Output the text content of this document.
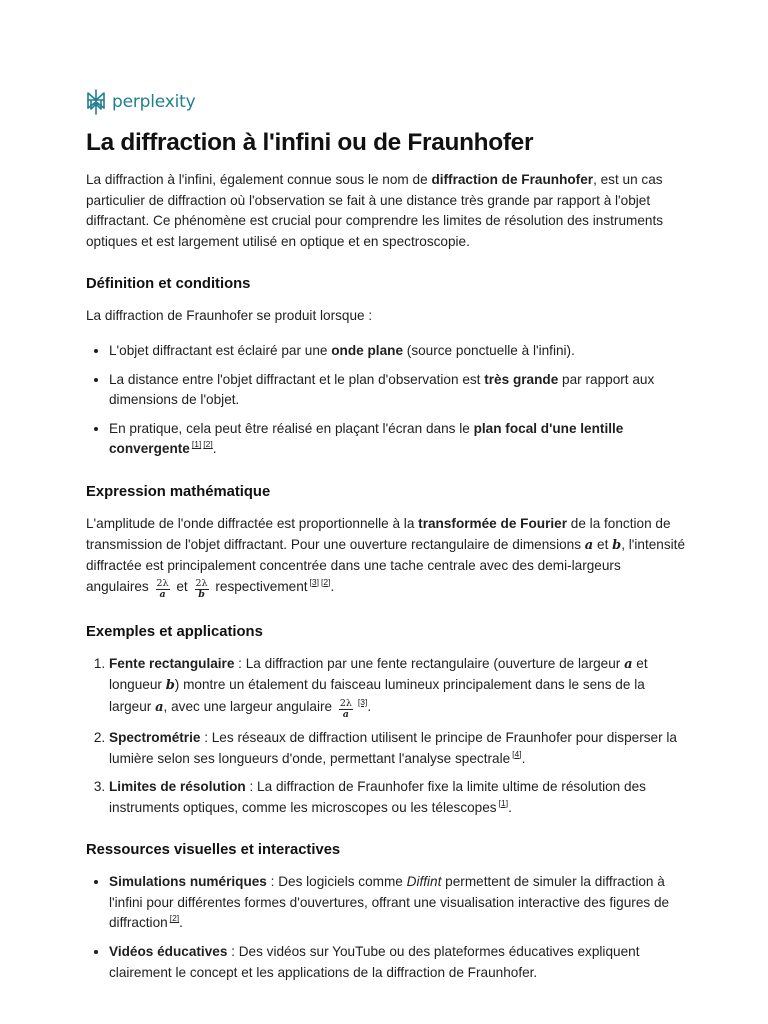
perplexity
La diffraction à l'infini ou de Fraunhofer

La diffraction à l'infini, également connue sous le nom de diffraction de Fraunhofer, est un cas particulier de diffraction où l'observation se fait à une distance très grande par rapport à l'objet diffractant. Ce phénomène est crucial pour comprendre les limites de résolution des instruments optiques et est largement utilisé en optique et en spectroscopie.

Définition et conditions

La diffraction de Fraunhofer se produit lorsque :

• L'objet diffractant est éclairé par une onde plane (source ponctuelle à l'infini).
• La distance entre l'objet diffractant et le plan d'observation est très grande par rapport aux dimensions de l'objet.
• En pratique, cela peut être réalisé en plaçant l'écran dans le plan focal d'une lentille convergente [1] [2].
Expression mathématique

L'amplitude de l'onde diffractée est proportionnelle à la transformée de Fourier de la fonction de transmission de l'objet diffractant. Pour une ouverture rectangulaire de dimensions a et b, l'intensité diffractée est principalement concentrée dans une tache centrale avec des demi-largeurs angulaires $\frac{2\lambda}{a}$ et $\frac{2\lambda}{b}$ respectivement [3] [2].

Exemples et applications
1. Fente rectangulaire : La diffraction par une fente rectangulaire (ouverture de largeur a et longueur b) montre un étalement du faisceau lumineux principalement dans le sens de la largeur a, avec une largeur angulaire $\frac{2\lambda}{a} [3]$.
2. Spectrométrie : Les réseaux de diffraction utilisent le principe de Fraunhofer pour disperser la lumière selon ses longueurs d'onde, permettant l'analyse spectrale [4].
3. Limites de résolution : La diffraction de Fraunhofer fixe la limite ultime de résolution des instruments optiques, comme les microscopes ou les télescopes [1].
Ressources visuelles et interactives
• Simulations numériques : Des logiciels comme Diffint permettent de simuler la diffraction à l'infini pour différentes formes d'ouvertures, offrant une visualisation interactive des figures de diffraction [2].
• Vidéos éducatives : Des vidéos sur YouTube ou des plateformes éducatives expliquent clairement le concept et les applications de la diffraction de Fraunhofer.
